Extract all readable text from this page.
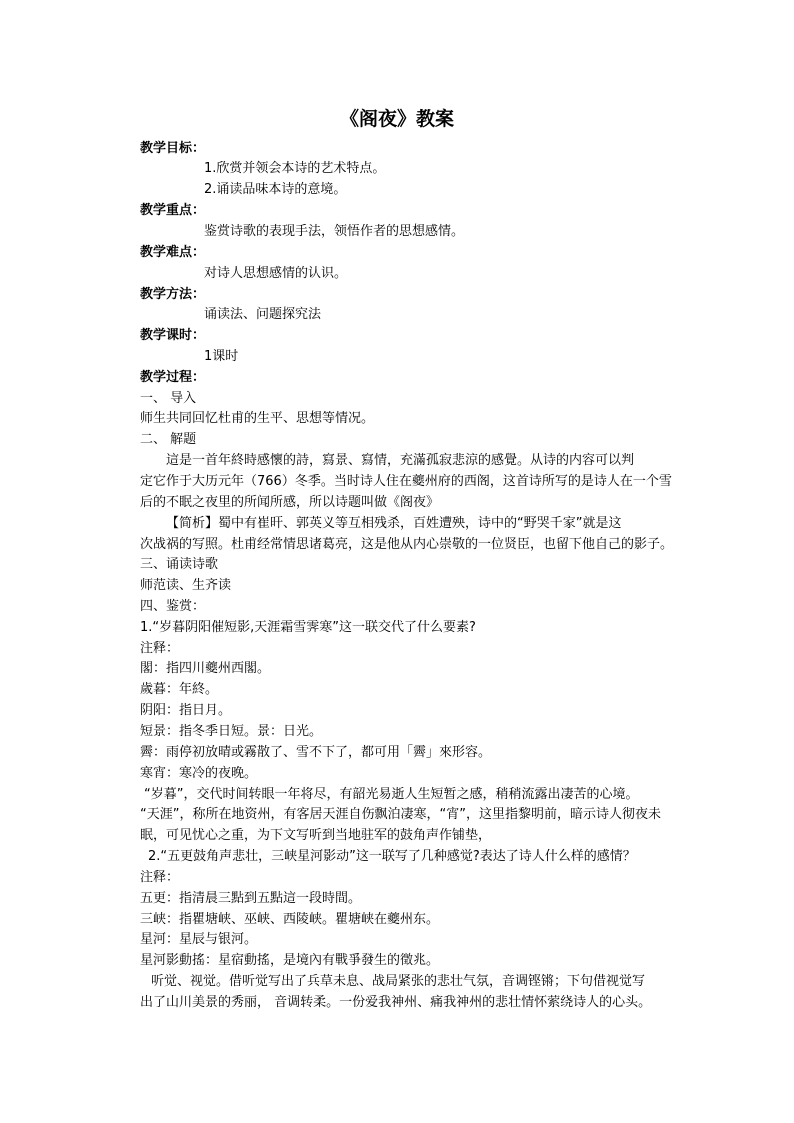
《阁夜》教案
教学目标：
1.欣赏并领会本诗的艺术特点。
2.诵读品味本诗的意境。
教学重点：
鉴赏诗歌的表现手法，领悟作者的思想感情。
教学难点：
对诗人思想感情的认识。
教学方法：
诵读法、问题探究法
教学课时：
1课时
教学过程：
一、 导入
师生共同回忆杜甫的生平、思想等情况。
二、 解题
這是一首年終時感懷的詩，寫景、寫情，充滿孤寂悲涼的感覺。从诗的内容可以判
定它作于大历元年（766）冬季。当时诗人住在夔州府的西阁，这首诗所写的是诗人在一个雪
后的不眠之夜里的所闻所感，所以诗题叫做《阁夜》
【简析】蜀中有崔旰、郭英义等互相残杀，百姓遭殃，诗中的“野哭千家”就是这
次战祸的写照。杜甫经常情思诸葛亮，这是他从内心崇敬的一位贤臣，也留下他自己的影子。
三、诵读诗歌
师范读、生齐读
四、鉴赏：
1.“岁暮阴阳催短影,天涯霜雪霁寒”这一联交代了什么要素?
注释：
閣：指四川夔州西閣。
歲暮：年終。
阴阳：指日月。
短景：指冬季日短。景：日光。
霽：雨停初放晴或霧散了、雪不下了，都可用「霽」來形容。
寒宵：寒冷的夜晚。
“岁暮”，交代时间转眼一年将尽，有韶光易逝人生短暂之感，稍稍流露出凄苦的心境。
“天涯”，称所在地资州，有客居天涯自伤飘泊凄寒，“宵”，这里指黎明前，暗示诗人彻夜未
眠，可见忧心之重，为下文写听到当地驻军的鼓角声作铺垫，
2.“五更鼓角声悲壮，三峡星河影动”这一联写了几种感觉?表达了诗人什么样的感情？
注释：
五更：指清晨三點到五點這一段時間。
三峡：指瞿塘峡、巫峡、西陵峡。瞿塘峡在夔州东。
星河：星辰与银河。
星河影動搖：星宿動搖，是境內有戰爭發生的徵兆。
听觉、视觉。借听觉写出了兵草未息、战局紧张的悲壮气氛，音调铿锵；下句借视觉写
出了山川美景的秀丽， 音调转柔。一份爱我神州、痛我神州的悲壮情怀萦绕诗人的心头。
